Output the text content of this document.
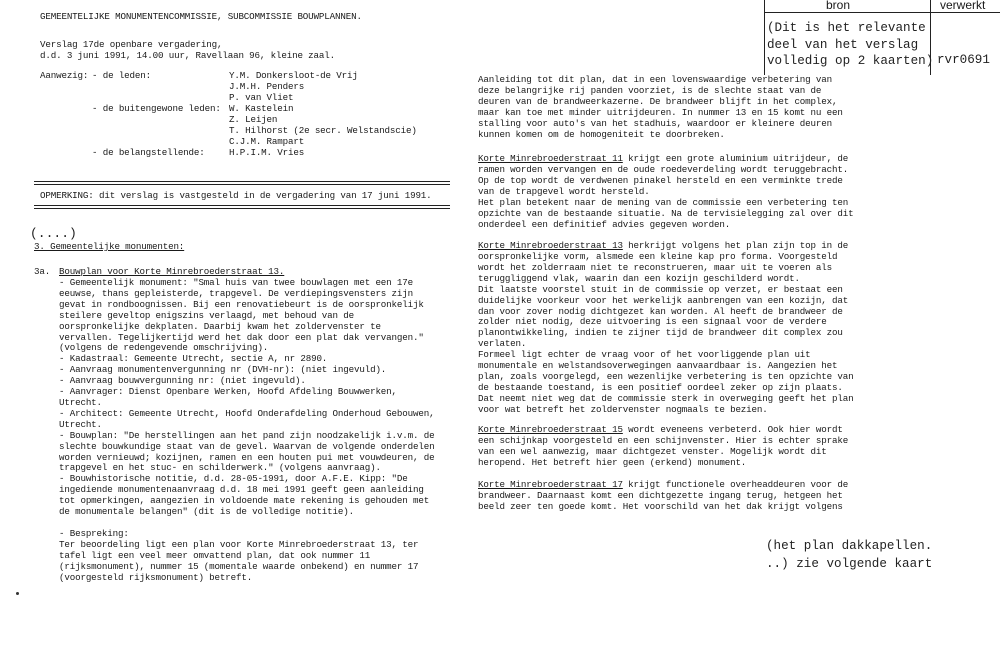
bron	verwerkt
(Dit is het relevante
deel van het verslag
volledig op 2 kaarten) rvr0691
GEMEENTELIJKE MONUMENTENCOMMISSIE, SUBCOMMISSIE BOUWPLANNEN.
Verslag 17de openbare vergadering,
d.d. 3 juni 1991, 14.00 uur, Ravellaan 96, kleine zaal.
Aanwezig: - de leden:	Y.M. Donkersloot-de Vrij
J.M.H. Penders
P. van Vliet
- de buitengewone leden: W. Kastelein
Z. Leijen
T. Hilhorst (2e secr. Welstandscie)
C.J.M. Rampart
- de belangstellende:	H.P.I.M. Vries
OPMERKING: dit verslag is vastgesteld in de vergadering van 17 juni 1991.
(....)
3. Gemeentelijke monumenten:
3a. Bouwplan voor Korte Minrebroederstraat 13.
- Gemeentelijk monument: "Smal huis van twee bouwlagen met een 17e
eeuwse, thans gepleisterde, trapgevel. De verdiepingsvensters zijn
gevat in rondboognissen. Bij een renovatiebeurt is de oorspronkelijk
steilere geveltop enigszins verlaagd, met behoud van de
oorspronkelijke dekplaten. Daarbij kwam het zoldervenster te
vervallen. Tegelijkertijd werd het dak door een plat dak vervangen."
(volgens de redengevende omschrijving).
- Kadastraal: Gemeente Utrecht, sectie A, nr 2890.
- Aanvraag monumentenvergunning nr (DVH-nr): (niet ingevuld).
- Aanvraag bouwvergunning nr: (niet ingevuld).
- Aanvrager: Dienst Openbare Werken, Hoofd Afdeling Bouwwerken,
Utrecht.
- Architect: Gemeente Utrecht, Hoofd Onderafdeling Onderhoud Gebouwen,
Utrecht.
- Bouwplan: "De herstellingen aan het pand zijn noodzakelijk i.v.m. de
slechte bouwkundige staat van de gevel. Waarvan de volgende onderdelen
worden vernieuwd; kozijnen, ramen en een houten pui met vouwdeuren, de
trapgevel en het stuc- en schilderwerk." (volgens aanvraag).
- Bouwhistorische notitie, d.d. 28-05-1991, door A.F.E. Kipp: "De
ingediende monumentenaanvraag d.d. 18 mei 1991 geeft geen aanleiding
tot opmerkingen, aangezien in voldoende mate rekening is gehouden met
de monumentale belangen" (dit is de volledige notitie).
- Bespreking:
Ter beoordeling ligt een plan voor Korte Minrebroederstraat 13, ter
tafel ligt een veel meer omvattend plan, dat ook nummer 11
(rijksmonument), nummer 15 (momentale waarde onbekend) en nummer 17
(voorgesteld rijksmonument) betreft.
Aanleiding tot dit plan, dat in een lovenswaardige verbetering van
deze belangrijke rij panden voorziet, is de slechte staat van de
deuren van de brandweerkazerne. De brandweer blijft in het complex,
maar kan toe met minder uitrijdeuren. In nummer 13 en 15 komt nu een
stalling voor auto's van het stadhuis, waardoor er kleinere deuren
kunnen komen om de homogeniteit te doorbreken.
Korte Minrebroederstraat 11 krijgt een grote aluminium uitrijdeur, de
ramen worden vervangen en de oude roedeverdeling wordt teruggebracht.
Op de top wordt de verdwenen pinakel hersteld en een verminkte trede
van de trapgevel wordt hersteld.
Het plan betekent naar de mening van de commissie een verbetering ten
opzichte van de bestaande situatie. Na de tervisielegging zal over dit
onderdeel een definitief advies gegeven worden.
Korte Minrebroederstraat 13 herkrijgt volgens het plan zijn top in de
oorspronkelijke vorm, alsmede een kleine kap pro forma. Voorgesteld
wordt het zolderraam niet te reconstrueren, maar uit te voeren als
teruggliggend vlak, waarin dan een kozijn geschilderd wordt.
Dit laatste voorstel stuit in de commissie op verzet, er bestaat een
duidelijke voorkeur voor het werkelijk aanbrengen van een kozijn, dat
dan voor zover nodig dichtgezet kan worden. Al heeft de brandweer de
zolder niet nodig, deze uitvoering is een signaal voor de verdere
planontwikkeling, indien te zijner tijd de brandweer dit complex zou
verlaten.
Formeel ligt echter de vraag voor of het voorliggende plan uit
monumentale en welstandsoverwegingen aanvaardbaar is. Aangezien het
plan, zoals voorgelegd, een wezenlijke verbetering is ten opzichte van
de bestaande toestand, is een positief oordeel zeker op zijn plaats.
Dat neemt niet weg dat de commissie sterk in overweging geeft het plan
voor wat betreft het zoldervenster nogmaals te bezien.
Korte Minrebroederstraat 15 wordt eveneens verbeterd. Ook hier wordt
een schijnkap voorgesteld en een schijnvenster. Hier is echter sprake
van een wel aanwezig, maar dichtgezet venster. Mogelijk wordt dit
heropend. Het betreft hier geen (erkend) monument.
Korte Minrebroederstraat 17 krijgt functionele overheaddeuren voor de
brandweer. Daarnaast komt een dichtgezette ingang terug, hetgeen het
beeld zeer ten goede komt. Het voorschild van het dak krijgt volgens
(het plan dakkapellen.
..) zie volgende kaart
